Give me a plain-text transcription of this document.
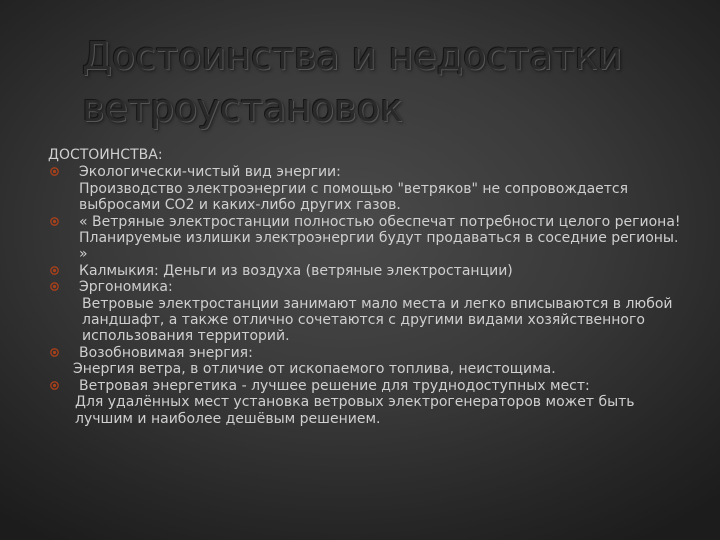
Достоинства и недостатки
ветроустановок
ДОСТОИНСТВА:
Экологически-чистый вид энергии:
Производство электроэнергии с помощью "ветряков" не сопровождается выбросами СО2 и каких-либо других газов.
« Ветряные электростанции полностью обеспечат потребности целого региона! Планируемые излишки электроэнергии будут продаваться в соседние регионы. »
Калмыкия: Деньги из воздуха (ветряные электростанции)
Эргономика:
Ветровые электростанции занимают мало места и легко вписываются в любой ландшафт, а также отлично сочетаются с другими видами хозяйственного использования территорий.
Возобновимая энергия:
Энергия ветра, в отличие от ископаемого топлива, неистощима.
Ветровая энергетика - лучшее решение для труднодоступных мест:
Для удалённых мест установка ветровых электрогенераторов может быть лучшим и наиболее дешёвым решением.
